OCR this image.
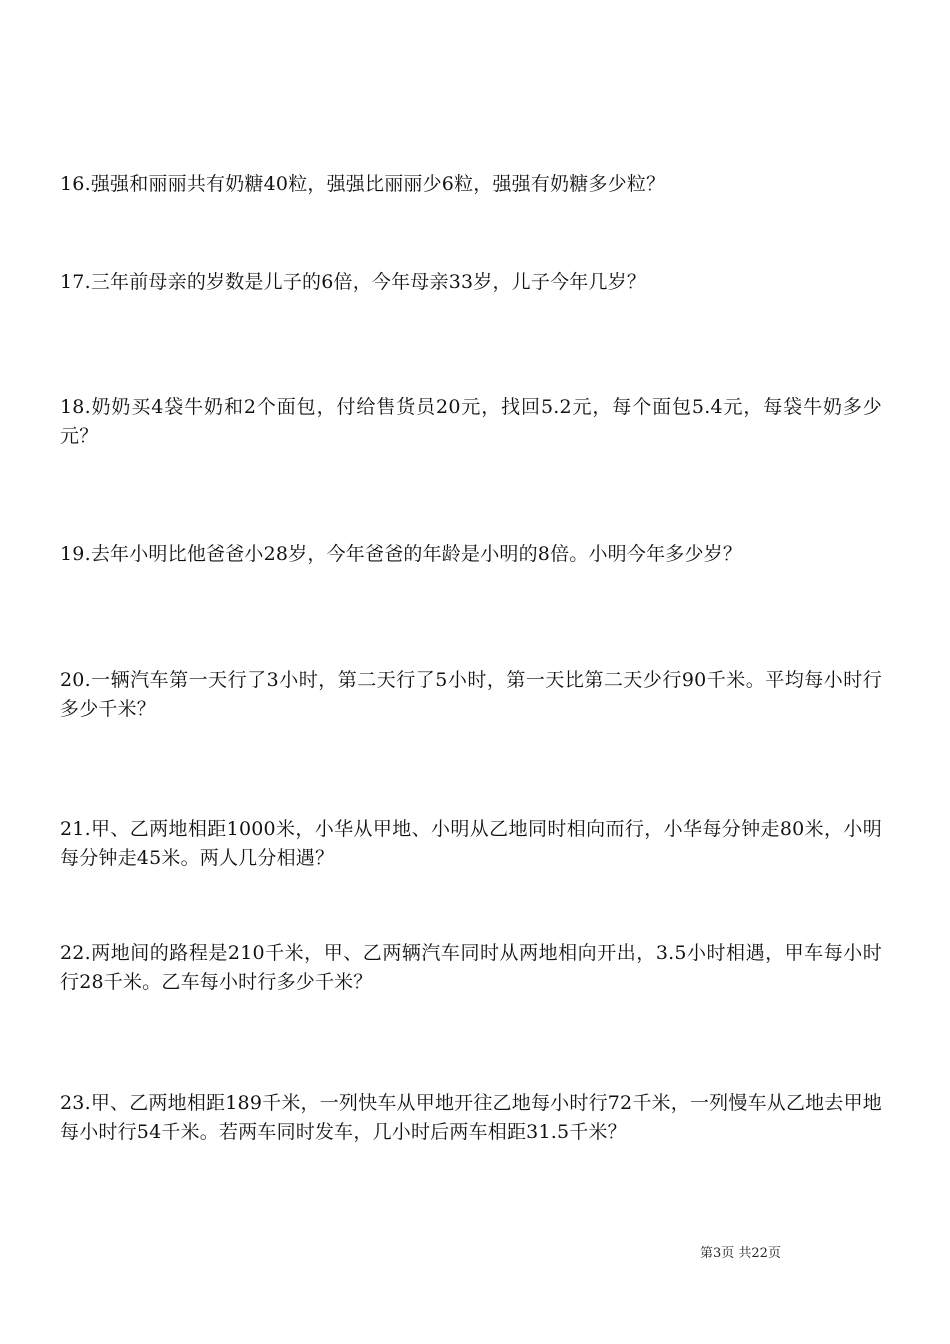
16.强强和丽丽共有奶糖40粒，强强比丽丽少6粒，强强有奶糖多少粒？
17.三年前母亲的岁数是儿子的6倍，今年母亲33岁，儿子今年几岁？
18.奶奶买4袋牛奶和2个面包，付给售货员20元，找回5.2元，每个面包5.4元，每袋牛奶多少元？
19.去年小明比他爸爸小28岁，今年爸爸的年龄是小明的8倍。小明今年多少岁？
20.一辆汽车第一天行了3小时，第二天行了5小时，第一天比第二天少行90千米。平均每小时行多少千米？
21.甲、乙两地相距1000米，小华从甲地、小明从乙地同时相向而行，小华每分钟走80米，小明每分钟走45米。两人几分相遇？
22.两地间的路程是210千米，甲、乙两辆汽车同时从两地相向开出，3.5小时相遇，甲车每小时行28千米。乙车每小时行多少千米？
23.甲、乙两地相距189千米，一列快车从甲地开往乙地每小时行72千米，一列慢车从乙地去甲地每小时行54千米。若两车同时发车，几小时后两车相距31.5千米？
第3页 共22页
